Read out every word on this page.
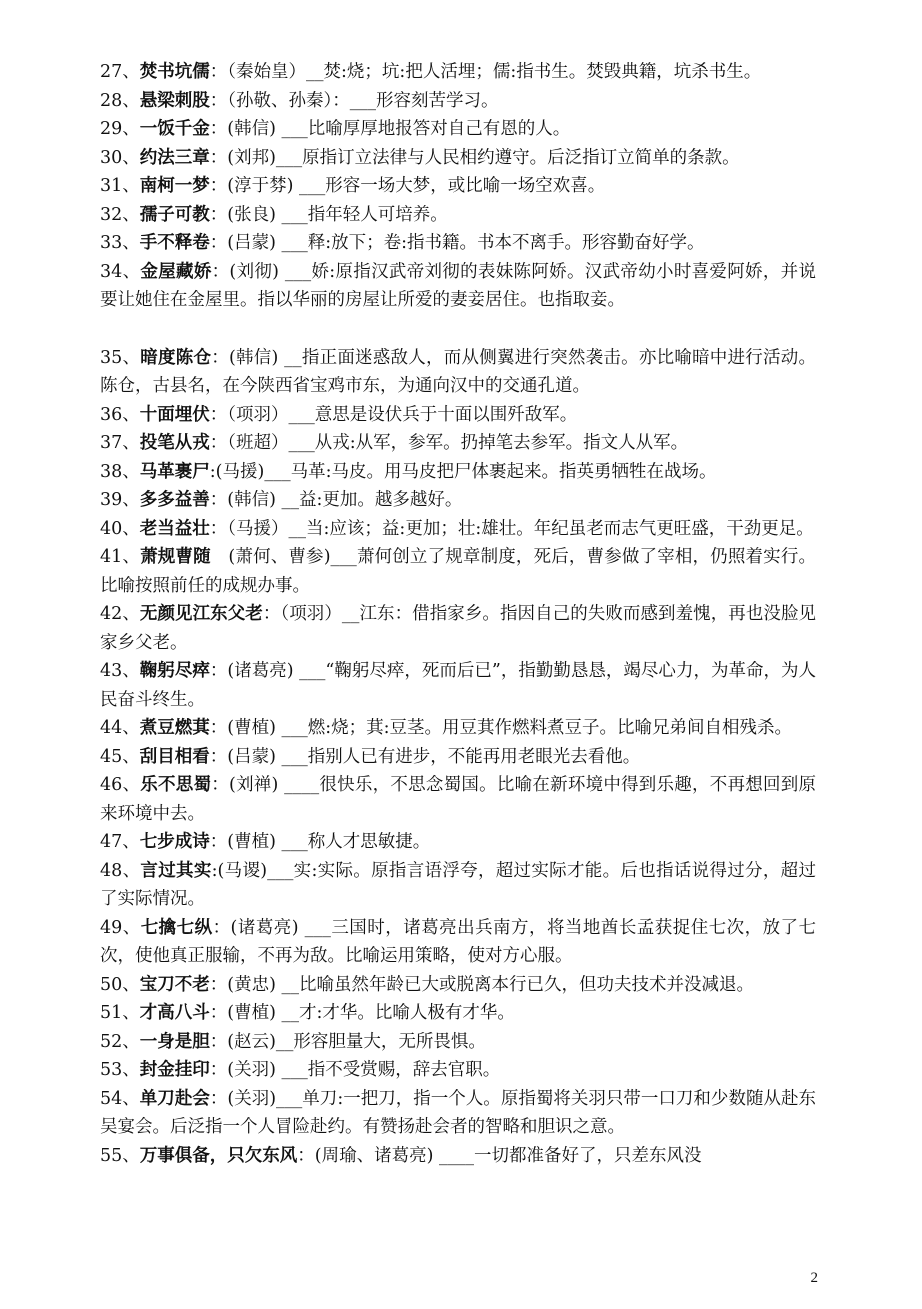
27、焚书坑儒：（秦始皇）__焚:烧；坑:把人活埋；儒:指书生。焚毁典籍，坑杀书生。
28、悬梁刺股：（孙敬、孙秦）：___形容刻苦学习。
29、一饭千金：(韩信) ___比喻厚厚地报答对自己有恩的人。
30、约法三章：(刘邦)___原指订立法律与人民相约遵守。后泛指订立简单的条款。
31、南柯一梦：(淳于棼) ___形容一场大梦，或比喻一场空欢喜。
32、孺子可教：(张良) ___指年轻人可培养。
33、手不释卷：(吕蒙) ___释:放下；卷:指书籍。书本不离手。形容勤奋好学。
34、金屋藏娇：(刘彻) ___娇:原指汉武帝刘彻的表妹陈阿娇。汉武帝幼小时喜爱阿娇，并说要让她住在金屋里。指以华丽的房屋让所爱的妻妾居住。也指取妾。
35、暗度陈仓：(韩信) __指正面迷惑敌人，而从侧翼进行突然袭击。亦比喻暗中进行活动。陈仓，古县名，在今陕西省宝鸡市东，为通向汉中的交通孔道。
36、十面埋伏：（项羽）___意思是设伏兵于十面以围歼敌军。
37、投笔从戎：（班超）___从戎:从军，参军。扔掉笔去参军。指文人从军。
38、马革裹尸:(马援)___马革:马皮。用马皮把尸体裹起来。指英勇牺牲在战场。
39、多多益善：(韩信) __益:更加。越多越好。
40、老当益壮：（马援）__当:应该；益:更加；壮:雄壮。年纪虽老而志气更旺盛，干劲更足。
41、萧规曹随　(萧何、曹参)___萧何创立了规章制度，死后，曹参做了宰相，仍照着实行。比喻按照前任的成规办事。
42、无颜见江东父老：（项羽）__江东：借指家乡。指因自己的失败而感到羞愧，再也没脸见家乡父老。
43、鞠躬尽瘁：(诸葛亮) ___“鞠躬尽瘁，死而后已”，指勤勤恳恳，竭尽心力，为革命，为人民奋斗终生。
44、煮豆燃萁：(曹植) ___燃:烧；萁:豆茎。用豆萁作燃料煮豆子。比喻兄弟间自相残杀。
45、刮目相看：(吕蒙) ___指别人已有进步，不能再用老眼光去看他。
46、乐不思蜀：(刘禅) ____很快乐，不思念蜀国。比喻在新环境中得到乐趣，不再想回到原来环境中去。
47、七步成诗：(曹植) ___称人才思敏捷。
48、言过其实:(马谡)___实:实际。原指言语浮夸，超过实际才能。后也指话说得过分，超过了实际情况。
49、七擒七纵：(诸葛亮) ___三国时，诸葛亮出兵南方，将当地酋长孟获捉住七次，放了七次，使他真正服输，不再为敌。比喻运用策略，使对方心服。
50、宝刀不老：(黄忠) __比喻虽然年龄已大或脱离本行已久，但功夫技术并没减退。
51、才高八斗：(曹植) __才:才华。比喻人极有才华。
52、一身是胆：(赵云)__形容胆量大，无所畏惧。
53、封金挂印：(关羽) ___指不受赏赐，辞去官职。
54、单刀赴会：(关羽)___单刀:一把刀，指一个人。原指蜀将关羽只带一口刀和少数随从赴东吴宴会。后泛指一个人冒险赴约。有赞扬赴会者的智略和胆识之意。
55、万事俱备，只欠东风：(周瑜、诸葛亮) ____一切都准备好了，只差东风没
2
